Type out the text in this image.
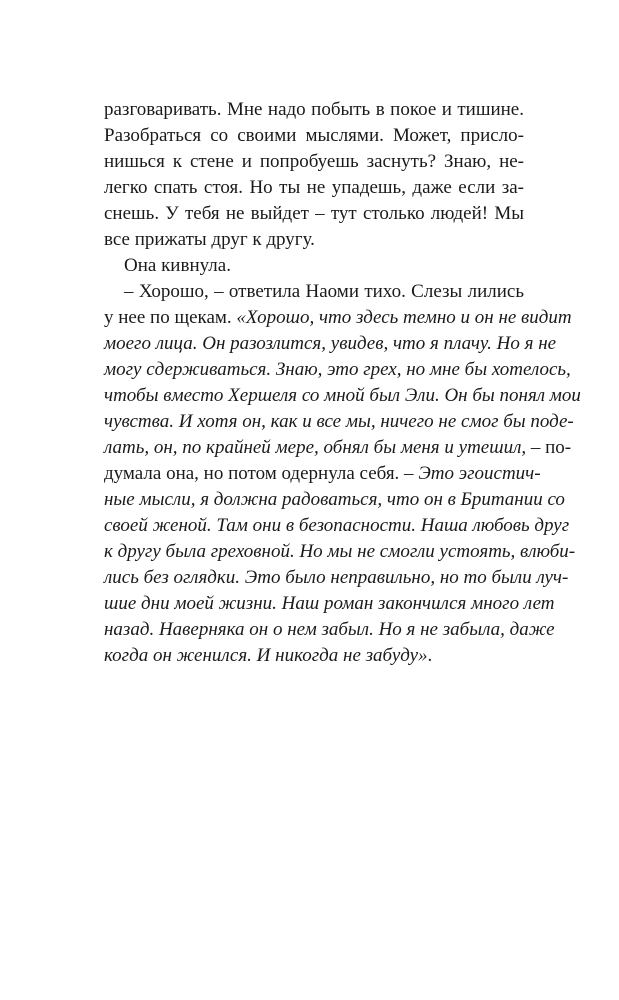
разговаривать. Мне надо побыть в покое и тишине.
Разобраться со своими мыслями. Может, прислo-
нишься к стене и попробуешь заснуть? Знаю, не-
легко спать стоя. Но ты не упадешь, даже если за-
снешь. У тебя не выйдет – тут столько людей! Мы
все прижаты друг к другу.
Она кивнула.
– Хорошо, – ответила Наоми тихо. Слезы лились
у нее по щекам. «Хорошо, что здесь темно и он не видит
моего лица. Он разозлится, увидев, что я плачу. Но я не
могу сдерживаться. Знаю, это грех, но мне бы хотелось,
чтобы вместо Хершеля со мной был Эли. Он бы понял мои
чувства. И хотя он, как и все мы, ничего не смог бы поде-
лать, он, по крайней мере, обнял бы меня и утешил, – по-
думала она, но потом одернула себя. – Это эгоистич-
ные мысли, я должна радоваться, что он в Британии со
своей женой. Там они в безопасности. Наша любовь друг
к другу была греховной. Но мы не смогли устоять, влюби-
лись без оглядки. Это было неправильно, но то были луч-
шие дни моей жизни. Наш роман закончился много лет
назад. Наверняка он о нем забыл. Но я не забыла, даже
когда он женился. И никогда не забуду».
